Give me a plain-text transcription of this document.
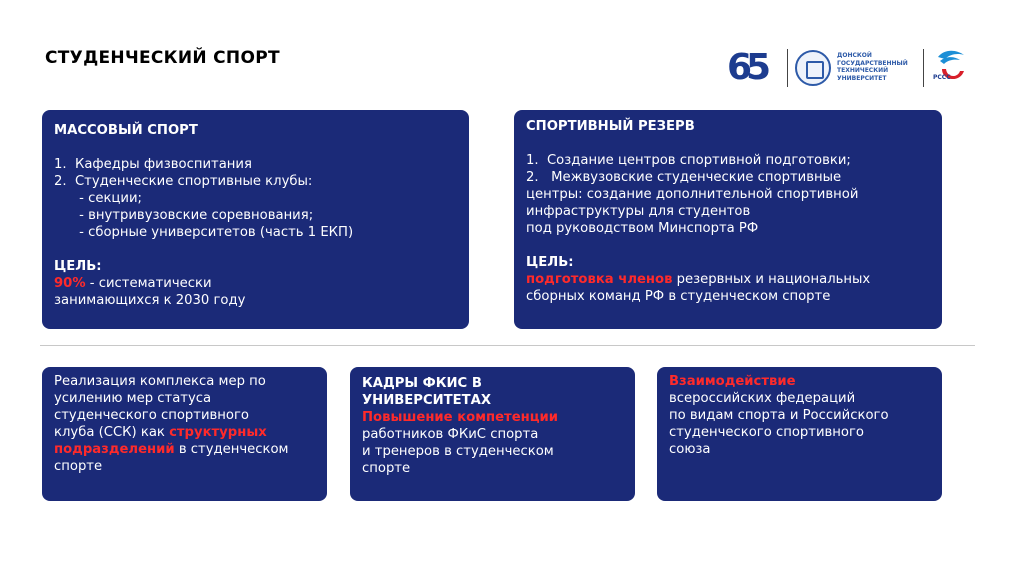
СТУДЕНЧЕСКИЙ СПОРТ	65	ДОНСКОЙ
ГОСУДАРСТВЕННЫЙ
ТЕХНИЧЕСКИЙ
УНИВЕРСИТЕТ	РССС
МАССОВЫЙ СПОРТ
1.  Кафедры физвоспитания
2.  Студенческие спортивные клубы:
- секции;
- внутривузовские соревнования;
- сборные университетов (часть 1 ЕКП)
ЦЕЛЬ:
90% - систематически
занимающихся к 2030 году
СПОРТИВНЫЙ РЕЗЕРВ
1.  Создание центров спортивной подготовки;
2.   Межвузовские студенческие спортивные
центры: создание дополнительной спортивной
инфраструктуры для студентов
под руководством Минспорта РФ
ЦЕЛЬ:
подготовка членов резервных и национальных
сборных команд РФ в студенческом спорте
Реализация комплекса мер по
усилению мер статуса
студенческого спортивного
клуба (ССК) как структурных
подразделений в студенческом
спорте
КАДРЫ ФКИС В
УНИВЕРСИТЕТАХ
Повышение компетенции
работников ФКиС спорта
и тренеров в студенческом
спорте
Взаимодействие
всероссийских федераций
по видам спорта и Российского
студенческого спортивного
союза
